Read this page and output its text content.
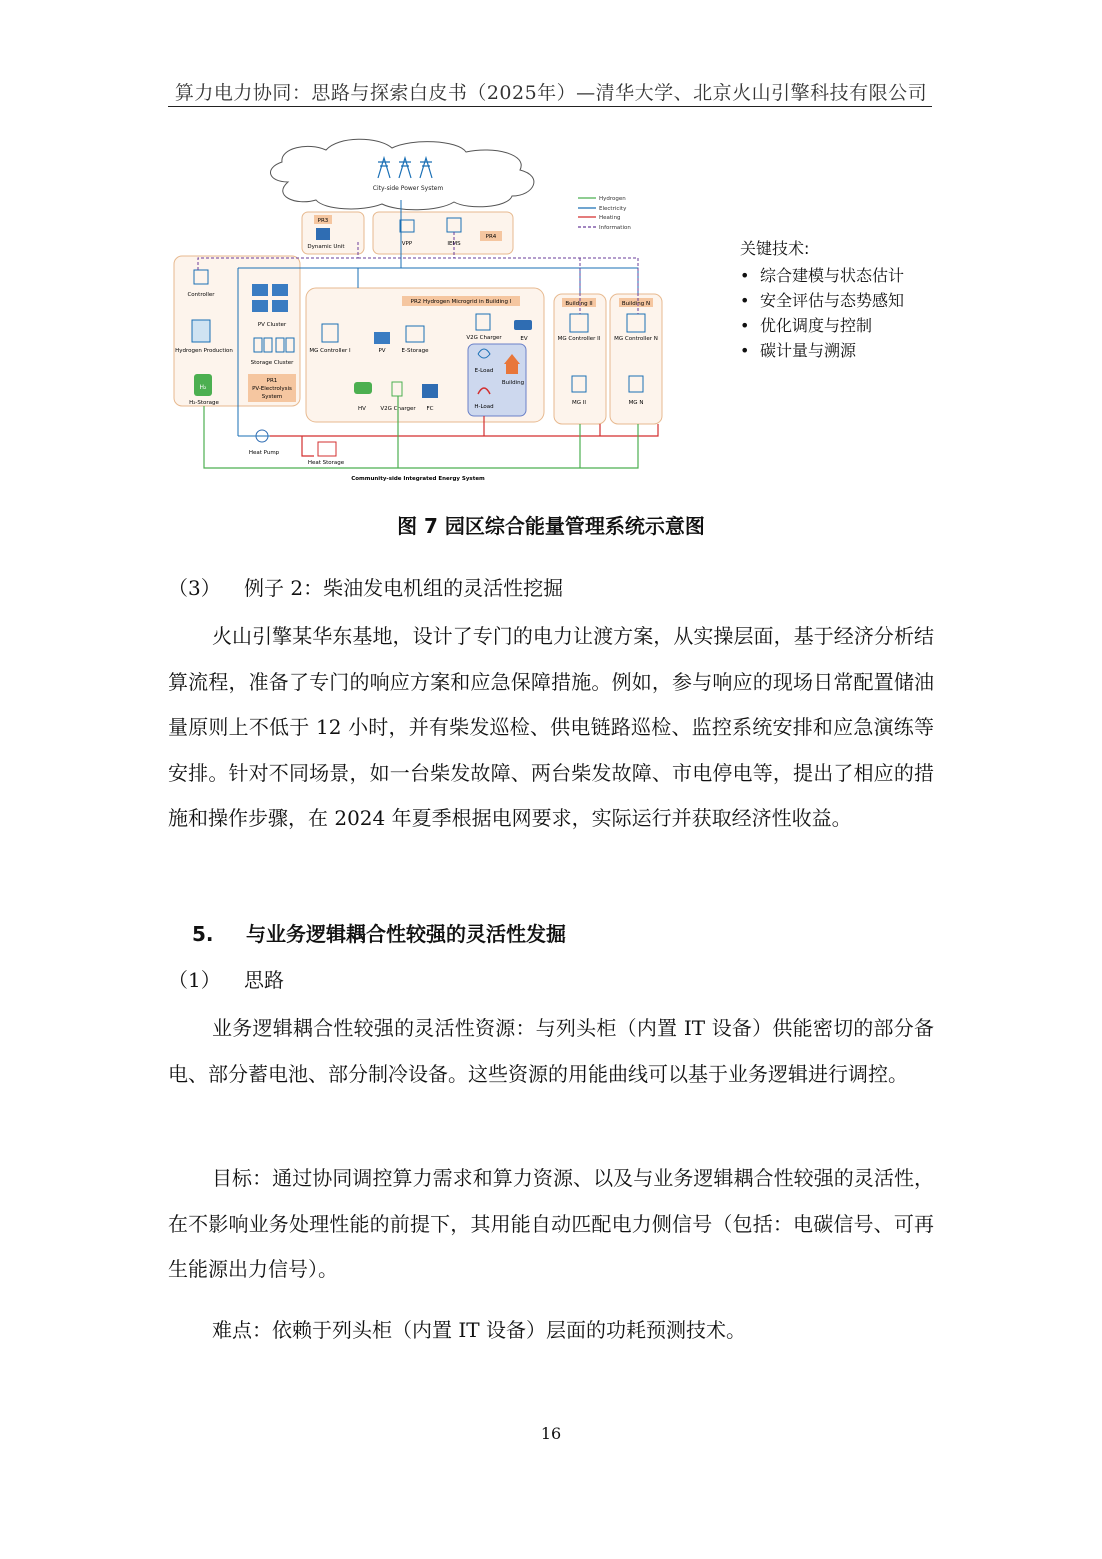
算力电力协同：思路与探索白皮书（2025年）—清华大学、北京火山引擎科技有限公司
City-side Power System
Hydrogen
Electricity
Heating
Information
PR3
Dynamic Unit
PR4
VPP	IEMS
Controller
Hydrogen Production
H₂
H₂-Storage
PV Cluster
Storage Cluster
PR1
PV-Electrolysis
System
PR2 Hydrogen Microgrid in Building I
MG Controller I	PV	E-Storage
V2G Charger	EV
E-Load
Building
H-Load
HV	V2G Charger FC
Building II
MG Controller II
MG II
Building N
MG Controller N
MG N
Heat Pump
Heat Storage
Community-side Integrated Energy System
关键技术:
• 综合建模与状态估计
• 安全评估与态势感知
• 优化调度与控制
• 碳计量与溯源
图 7 园区综合能量管理系统示意图
（3） 例子 2：柴油发电机组的灵活性挖掘
火山引擎某华东基地，设计了专门的电力让渡方案，从实操层面，基于经济分析结算流程，准备了专门的响应方案和应急保障措施。例如，参与响应的现场日常配置储油量原则上不低于 12 小时，并有柴发巡检、供电链路巡检、监控系统安排和应急演练等安排。针对不同场景，如一台柴发故障、两台柴发故障、市电停电等，提出了相应的措施和操作步骤，在 2024 年夏季根据电网要求，实际运行并获取经济性收益。
5. 与业务逻辑耦合性较强的灵活性发掘
（1） 思路
业务逻辑耦合性较强的灵活性资源：与列头柜（内置 IT 设备）供能密切的部分备电、部分蓄电池、部分制冷设备。这些资源的用能曲线可以基于业务逻辑进行调控。
目标：通过协同调控算力需求和算力资源、以及与业务逻辑耦合性较强的灵活性，在不影响业务处理性能的前提下，其用能自动匹配电力侧信号（包括：电碳信号、可再生能源出力信号）。
难点：依赖于列头柜（内置 IT 设备）层面的功耗预测技术。
16
